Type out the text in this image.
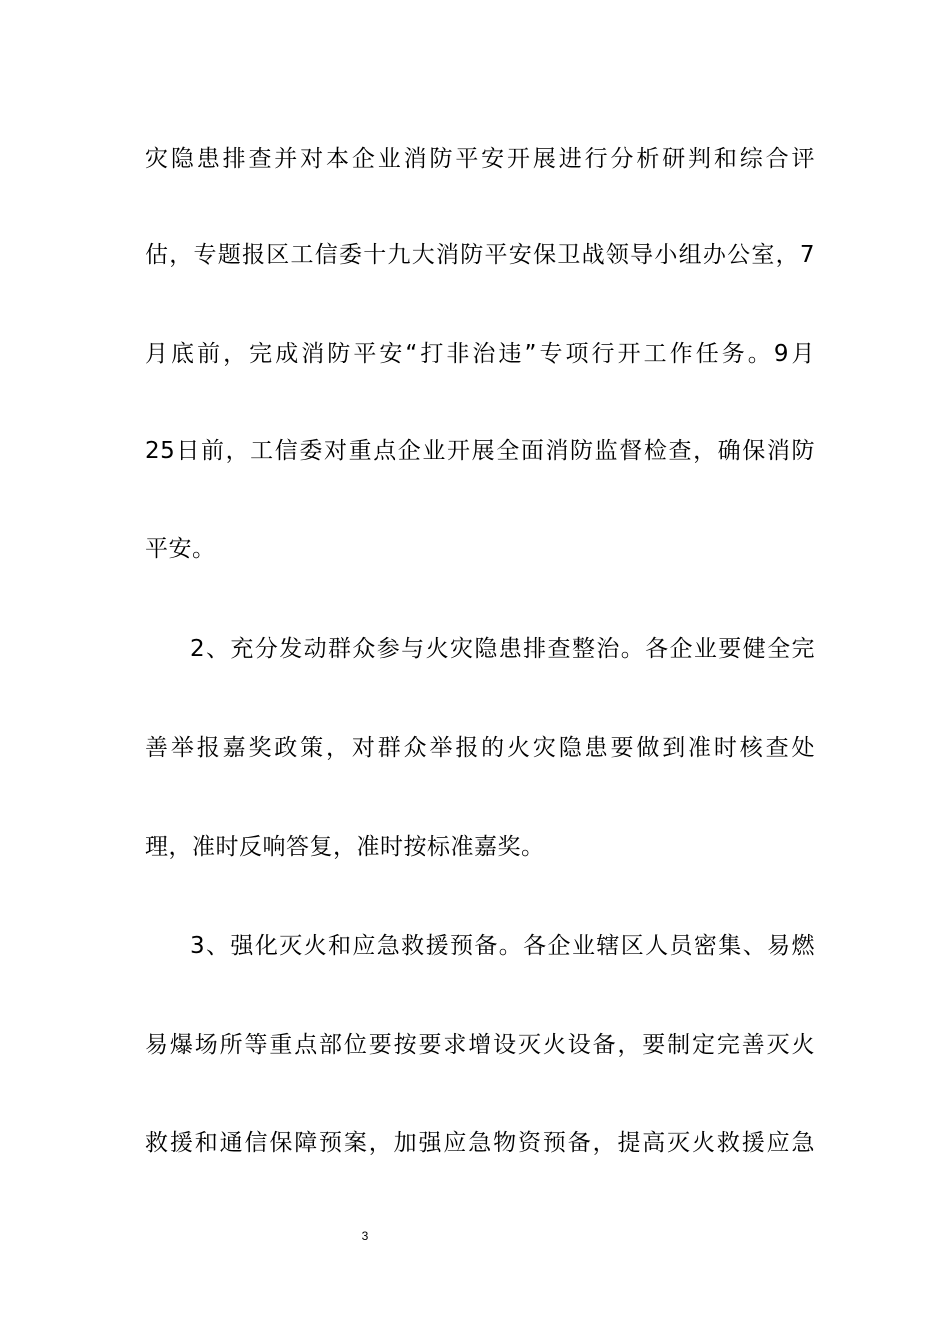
灾隐患排查并对本企业消防平安开展进行分析研判和综合评
估，专题报区工信委十九大消防平安保卫战领导小组办公室，7
月底前，完成消防平安“打非治违”专项行开工作任务。9月
25日前，工信委对重点企业开展全面消防监督检查，确保消防
平安。
2、充分发动群众参与火灾隐患排查整治。各企业要健全完
善举报嘉奖政策，对群众举报的火灾隐患要做到准时核查处
理，准时反响答复，准时按标准嘉奖。
3、强化灭火和应急救援预备。各企业辖区人员密集、易燃
易爆场所等重点部位要按要求增设灭火设备，要制定完善灭火
救援和通信保障预案，加强应急物资预备，提高灭火救援应急
3
